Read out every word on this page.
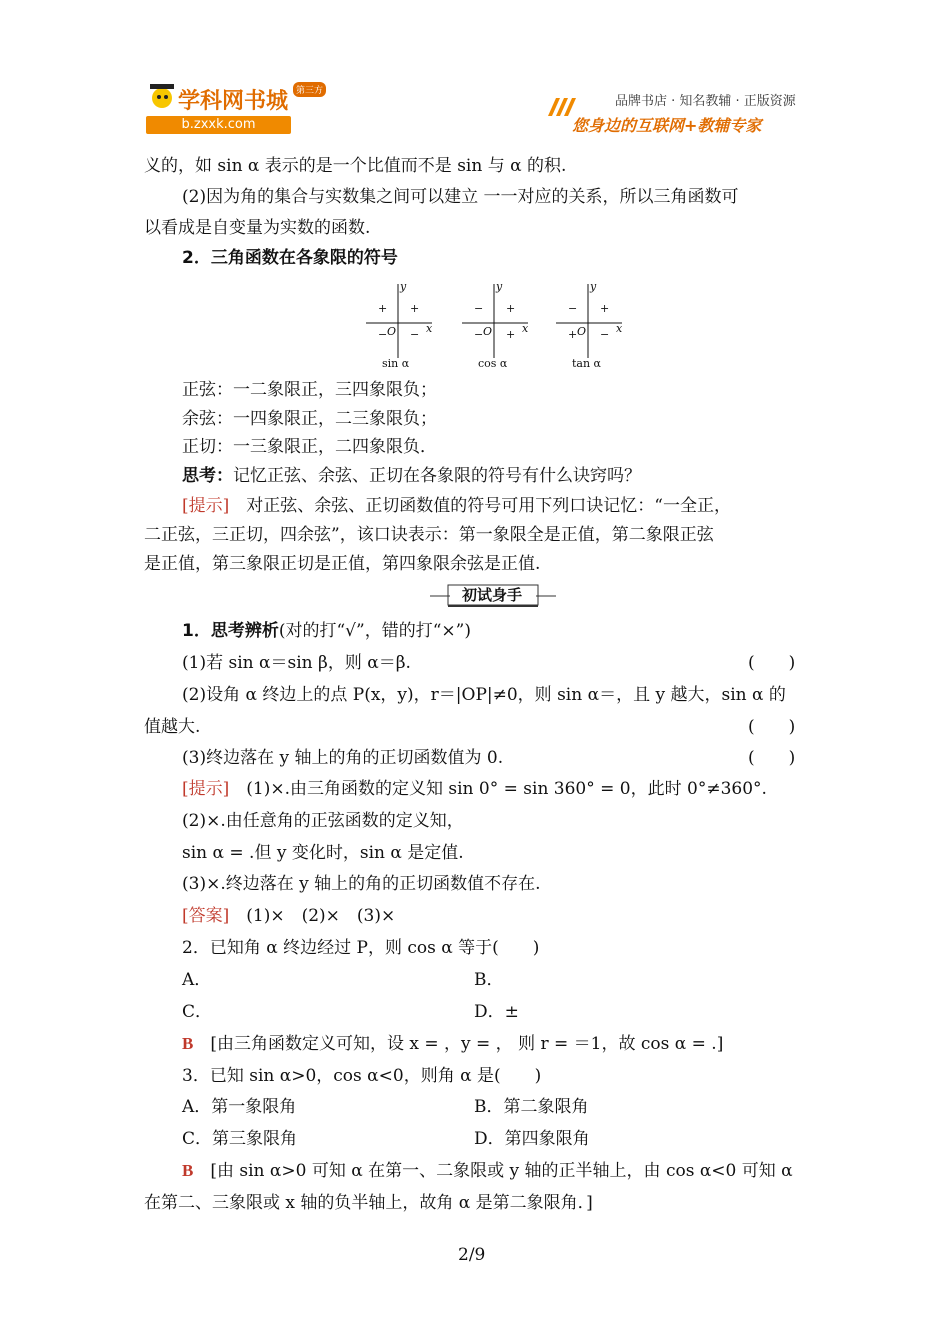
学科网书城 第三方
b.zxxk.com
品牌书店 · 知名教辅 · 正版资源
您身边的互联网+教辅专家
义的，如 sin α 表示的是一个比值而不是 sin 与 α 的积.
(2)因为角的集合与实数集之间可以建立 一一对应的关系，所以三角函数可
以看成是自变量为实数的函数.
2．三角函数在各象限的符号
y
x
O
+
+
− −
sin α
y
x
O
+
−
− +
cos α
y
x
O
+
−
+ −
tan α
正弦：一二象限正，三四象限负；
余弦：一四象限正，二三象限负；
正切：一三象限正，二四象限负．
思考：记忆正弦、余弦、正切在各象限的符号有什么诀窍吗？
[提示]　 对正弦、余弦、正切函数值的符号可用下列口诀记忆：“一全正，
二正弦，三正切，四余弦”，该口诀表示：第一象限全是正值，第二象限正弦
是正值，第三象限正切是正值，第四象限余弦是正值.
初试身手
1．思考辨析(对的打“√”，错的打“×”)
(1)若 sin α＝sin β，则 α＝β.	(　　)
(2)设角 α 终边上的点 P(x，y)，r＝|OP|≠0，则 sin α＝，且 y 越大，sin α 的
值越大.	(　　)
(3)终边落在 y 轴上的角的正切函数值为 0.	(　　)
[提示]　 (1)×.由三角函数的定义知 sin 0° = sin 360° = 0，此时 0°≠360°.
(2)×.由任意角的正弦函数的定义知，
sin α = .但 y 变化时，sin α 是定值.
(3)×.终边落在 y 轴上的角的正切函数值不存在.
[答案]　 (1)×　(2)×　(3)×
2．已知角 α 终边经过 P，则 cos α 等于(　　)
A．	B．
C．	D．±
B　 [由三角函数定义可知，设 x = ，y = ， 则 r = ＝1，故 cos α = .]
3．已知 sin α>0，cos α<0，则角 α 是(　　)
A．第一象限角	B．第二象限角
C．第三象限角	D．第四象限角
B　 [由 sin α>0 可知 α 在第一、二象限或 y 轴的正半轴上，由 cos α<0 可知 α
在第二、三象限或 x 轴的负半轴上，故角 α 是第二象限角．]
2/9
